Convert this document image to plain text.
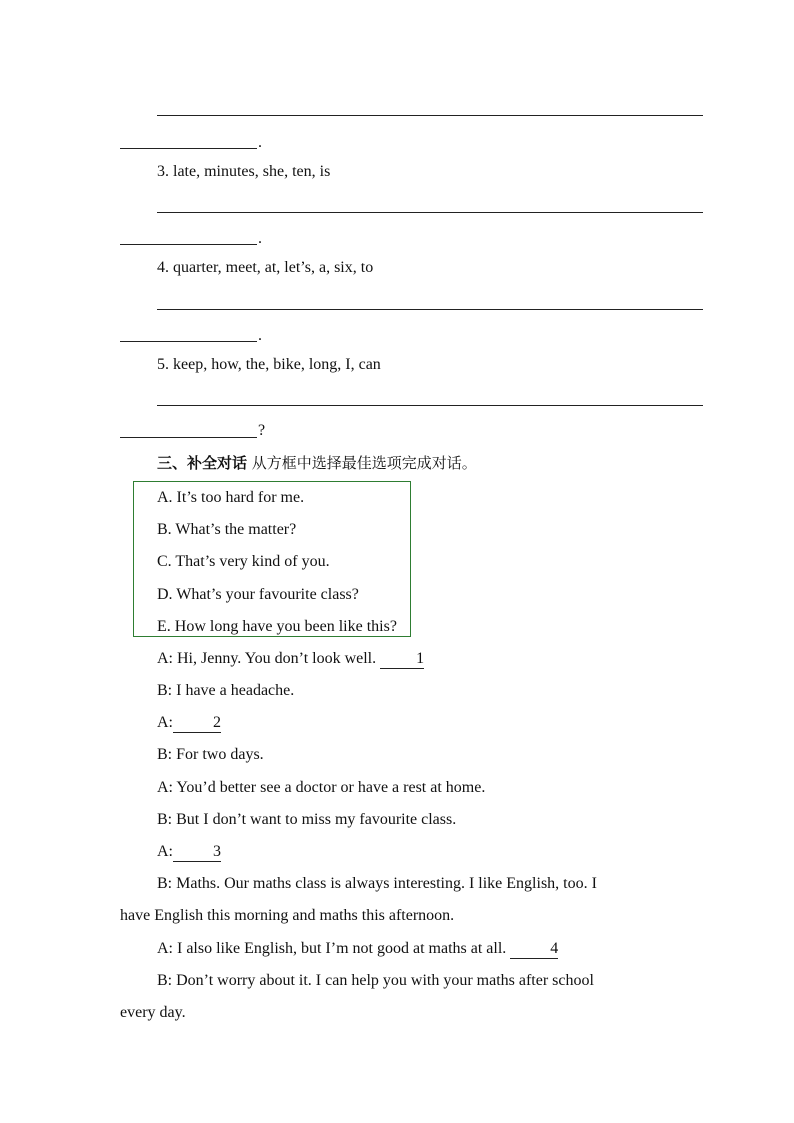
.
3. late, minutes, she, ten, is
.
4. quarter, meet, at, let’s, a, six, to
.
5. keep, how, the, bike, long, I, can
?
三、补全对话 从方框中选择最佳选项完成对话。
A. It’s too hard for me.
B. What’s the matter?
C. That’s very kind of you.
D. What’s your favourite class?
E. How long have you been like this?
A: Hi, Jenny. You don’t look well. 1
B: I have a headache.
A:	2
B: For two days.
A: You’d better see a doctor or have a rest at home.
B: But I don’t want to miss my favourite class.
A:	3
B: Maths. Our maths class is always interesting. I like English, too. I
have English this morning and maths this afternoon.
A: I also like English, but I’m not good at maths at all.	4
B: Don’t worry about it. I can help you with your maths after school
every day.
